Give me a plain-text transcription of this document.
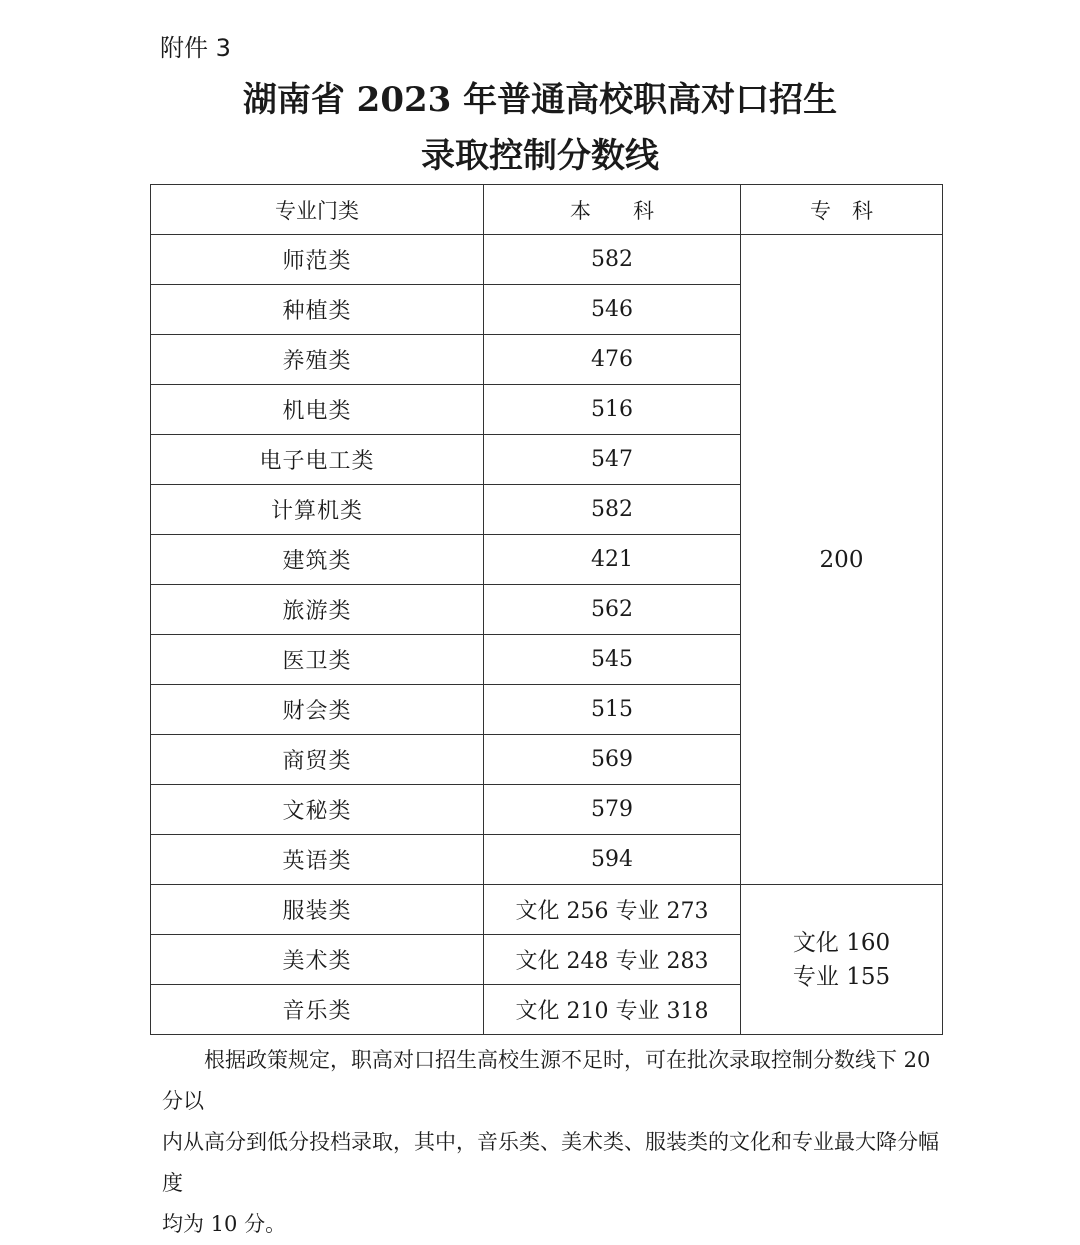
附件 3
湖南省 2023 年普通高校职高对口招生
录取控制分数线
专业门类	本　　科	专　科
师范类	582	200
种植类	546	
养殖类	476	
机电类	516	
电子电工类	547	
计算机类	582	
建筑类	421	
旅游类	562	
医卫类	545	
财会类	515	
商贸类	569	
文秘类	579	
英语类	594	
服装类	文化 256 专业 273	文化 160
专业 155

美术类	文化 248 专业 283	
音乐类	文化 210 专业 318	

根据政策规定，职高对口招生高校生源不足时，可在批次录取控制分数线下 20 分以

内从高分到低分投档录取，其中，音乐类、美术类、服装类的文化和专业最大降分幅度

均为 10 分。
